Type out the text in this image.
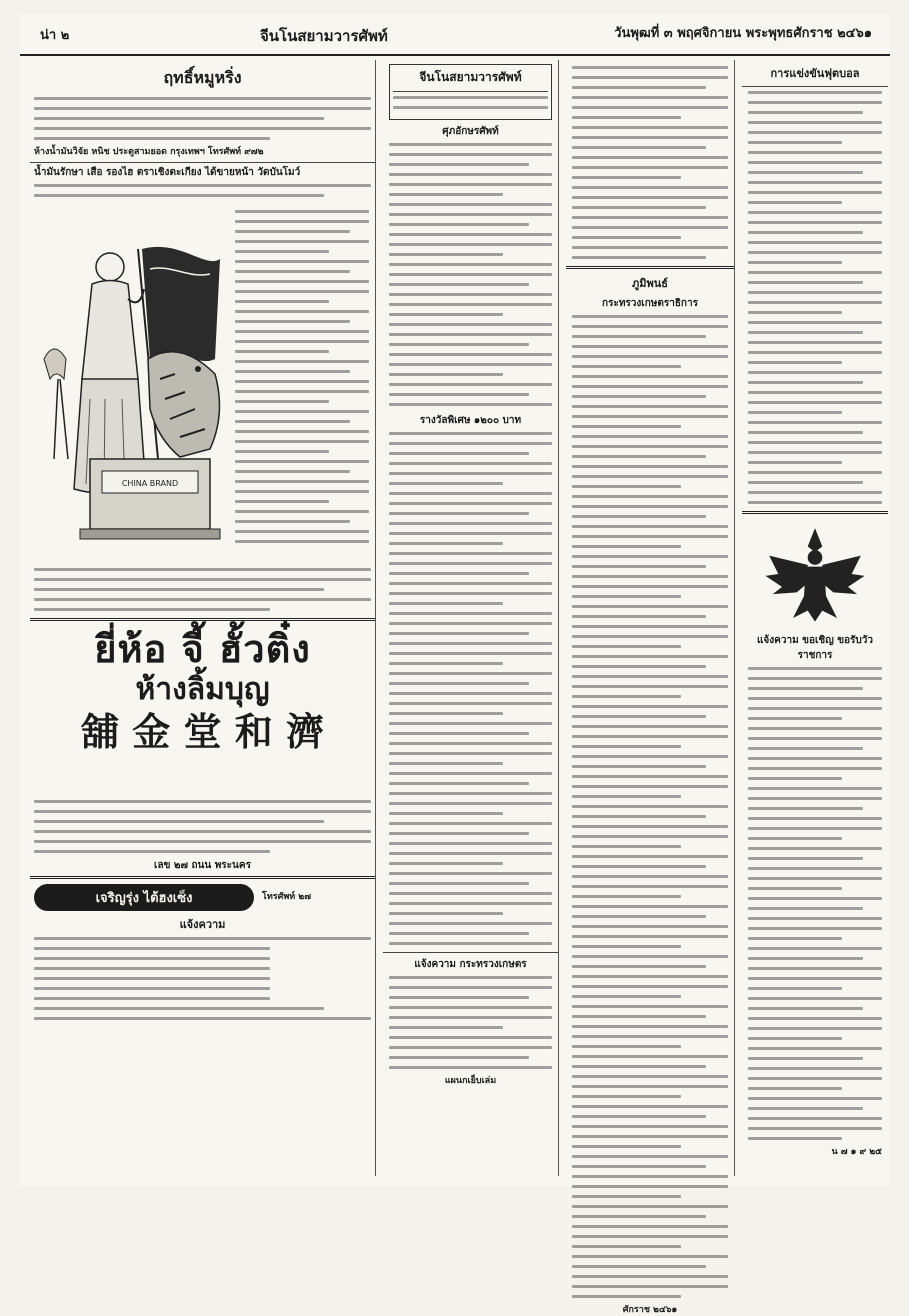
น่า ๒	จีนโนสยามวารศัพท์	วันพุฒที่ ๓ พฤศจิกายน พระพุทธศักราช ๒๔๖๑
ฤทธิ์หมูหริ่ง
ห้างน้ำมันวิจัย หนิช ประตูสามยอด กรุงเทพฯ โทรศัพท์ ๙๗๒
น้ำมันรักษา เสือ รองไฮ ตราเชิงตะเกียง ได้ขายหน้า วัดบันโมว์
CHINA BRAND
ยี่ห้อ จี้ ฮั้วติ๋ง
ห้างลิ้มบุญ
舖 金 堂 和 濟
เลข ๒๗ ถนน พระนคร
เจริญรุ่ง ไต้ฮงเซ็ง	โทรศัพท์ ๒๗
แจ้งความ
จีนโนสยามวารศัพท์
ศุภอักษรศัพท์
รางวัลพิเศษ ๑๒๐๐ บาท
แจ้งความ กระทรวงเกษตร
แผนกเย็บเล่ม
ภูมิพนธ์
กระทรวงเกษตราธิการ
ศักราช ๒๔๖๑
การแข่งขันฟุตบอล
แจ้งความ ขอเชิญ ขอรับวัวราชการ
น ๗ ๑ ๙ ๒๕
